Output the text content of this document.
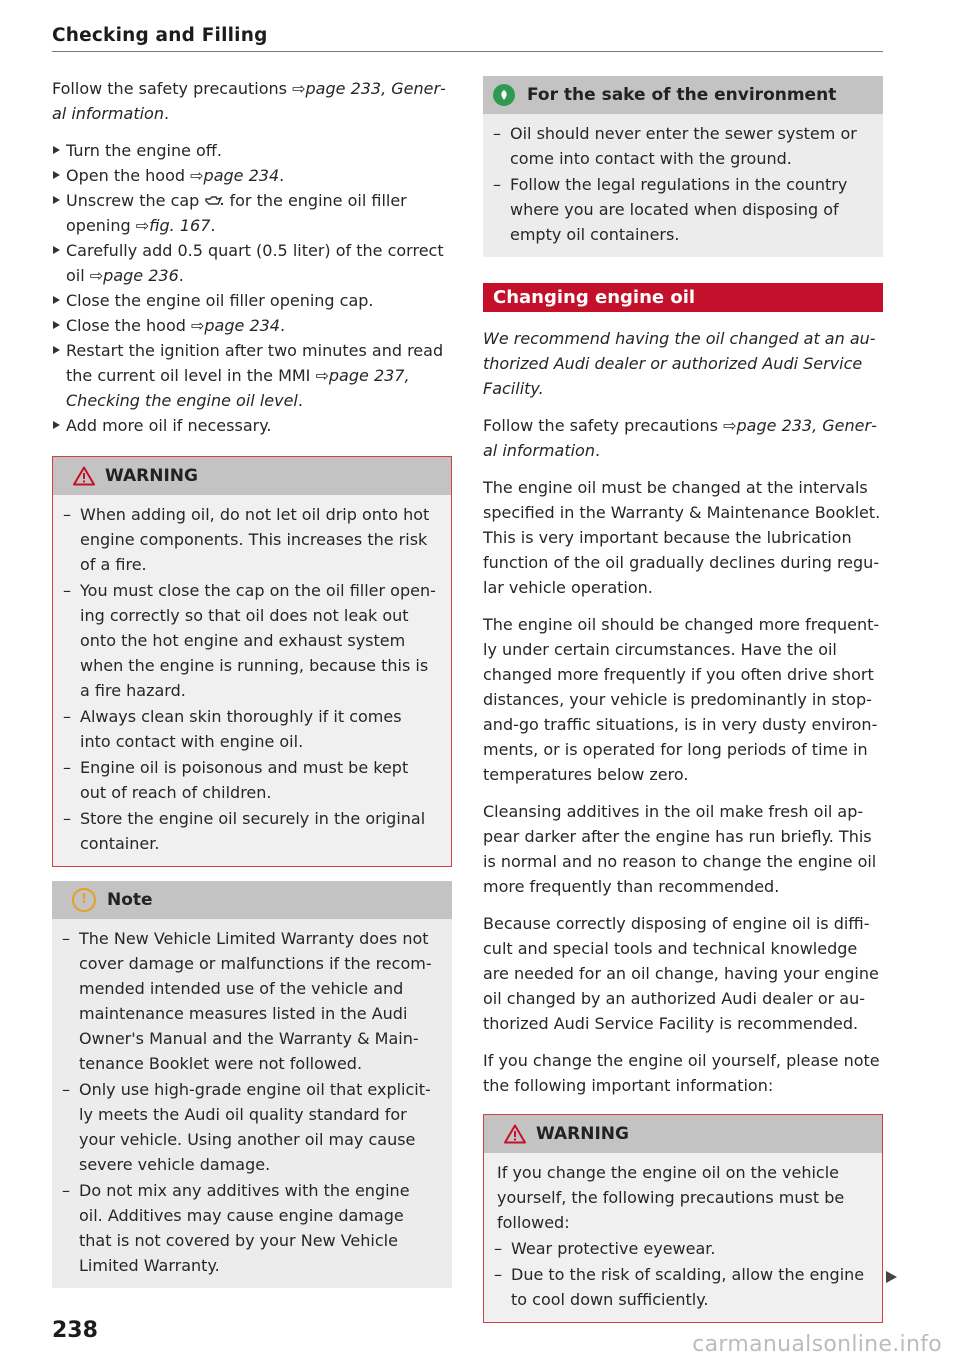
Checking and Filling

Follow the safety precautions ⇨page 233, General information.

Turn the engine off.
Open the hood ⇨page 234.
Unscrew the cap  for the engine oil filler opening ⇨fig. 167.
Carefully add 0.5 quart (0.5 liter) of the correct oil ⇨page 236.
Close the engine oil filler opening cap.
Close the hood ⇨page 234.
Restart the ignition after two minutes and read the current oil level in the MMI ⇨page 237, Checking the engine oil level.
Add more oil if necessary.
WARNING
– When adding oil, do not let oil drip onto hot engine components. This increases the risk of a fire.
– You must close the cap on the oil filler opening correctly so that oil does not leak out onto the hot engine and exhaust system when the engine is running, because this is a fire hazard.
– Always clean skin thoroughly if it comes into contact with engine oil.
– Engine oil is poisonous and must be kept out of reach of children.
– Store the engine oil securely in the original container.
!	Note
– The New Vehicle Limited Warranty does not cover damage or malfunctions if the recommended intended use of the vehicle and maintenance measures listed in the Audi Owner's Manual and the Warranty & Maintenance Booklet were not followed.
– Only use high-grade engine oil that explicitly meets the Audi oil quality standard for your vehicle. Using another oil may cause severe vehicle damage.
– Do not mix any additives with the engine oil. Additives may cause engine damage that is not covered by your New Vehicle Limited Warranty.
For the sake of the environment
– Oil should never enter the sewer system or come into contact with the ground.
– Follow the legal regulations in the country where you are located when disposing of empty oil containers.
Changing engine oil

We recommend having the oil changed at an authorized Audi dealer or authorized Audi Service Facility.

Follow the safety precautions ⇨page 233, General information.

The engine oil must be changed at the intervals specified in the Warranty & Maintenance Booklet. This is very important because the lubrication function of the oil gradually declines during regular vehicle operation.

The engine oil should be changed more frequently under certain circumstances. Have the oil changed more frequently if you often drive short distances, your vehicle is predominantly in stop-and-go traffic situations, is in very dusty environments, or is operated for long periods of time in temperatures below zero.

Cleansing additives in the oil make fresh oil appear darker after the engine has run briefly. This is normal and no reason to change the engine oil more frequently than recommended.

Because correctly disposing of engine oil is difficult and special tools and technical knowledge are needed for an oil change, having your engine oil changed by an authorized Audi dealer or authorized Audi Service Facility is recommended.

If you change the engine oil yourself, please note the following important information:

WARNING
If you change the engine oil on the vehicle yourself, the following precautions must be followed:
– Wear protective eyewear.
– Due to the risk of scalding, allow the engine to cool down sufficiently.
238
carmanualsonline.info
